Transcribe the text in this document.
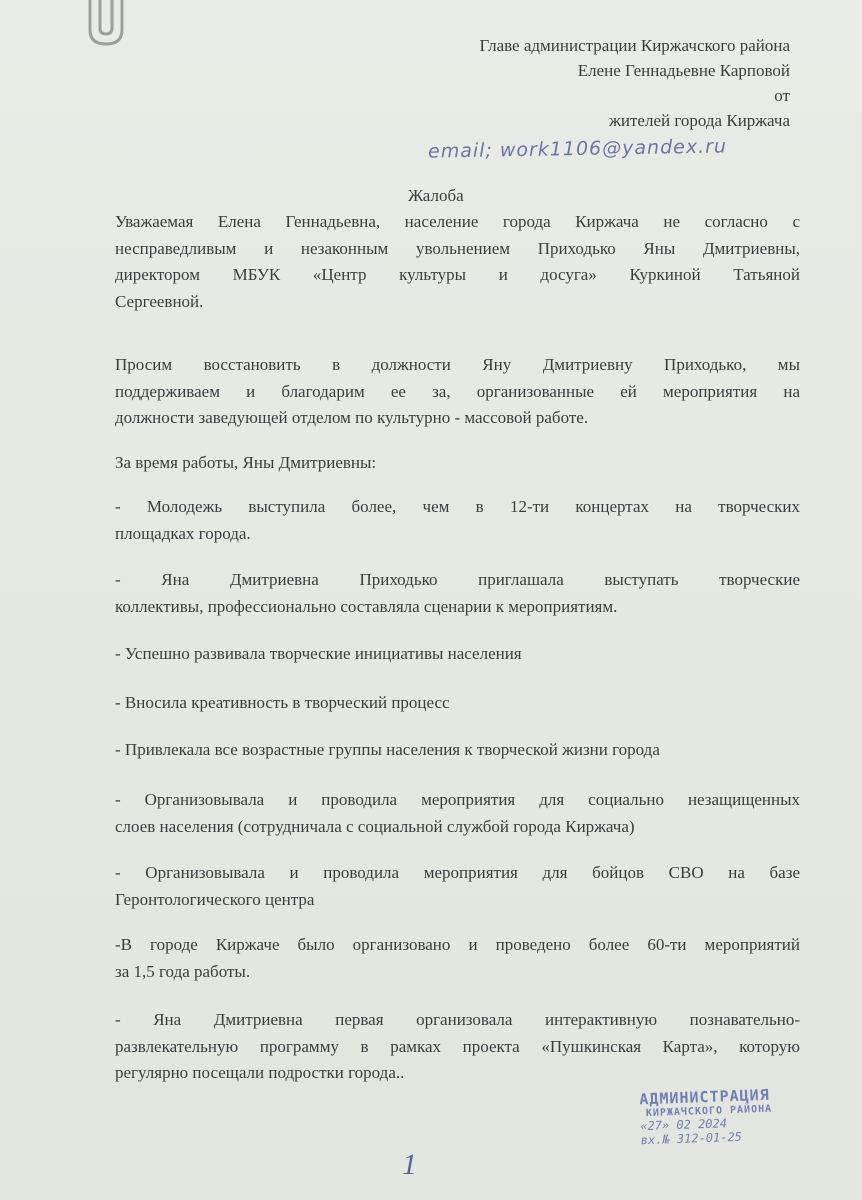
Главе администрации Киржачского района
Елене Геннадьевне Карповой
от
жителей города Киржача
email; work1106@yandex.ru
Жалоба
Уважаемая Елена Геннадьевна, население города Киржача не согласно с
несправедливым и незаконным увольнением Приходько Яны Дмитриевны,
директором МБУК «Центр культуры и досуга» Куркиной Татьяной
Сергеевной.
Просим восстановить в должности Яну Дмитриевну Приходько, мы
поддерживаем и благодарим ее за, организованные ей мероприятия на
должности заведующей отделом по культурно - массовой работе.
За время работы, Яны Дмитриевны:
- Молодежь выступила более, чем в 12-ти концертах на творческих
площадках города.
- Яна Дмитриевна Приходько приглашала выступать творческие
коллективы, профессионально составляла сценарии к мероприятиям.
- Успешно развивала творческие инициативы населения
- Вносила креативность в творческий процесс
- Привлекала все возрастные группы населения к творческой жизни города
- Организовывала и проводила мероприятия для социально незащищенных
слоев населения (сотрудничала с социальной службой города Киржача)
- Организовывала и проводила мероприятия для бойцов СВО на базе
Геронтологического центра
-В городе Киржаче было организовано и проведено более 60-ти мероприятий
за 1,5 года работы.
- Яна Дмитриевна первая организовала интерактивную познавательно-
развлекательную программу в рамках проекта «Пушкинская Карта», которую
регулярно посещали подростки города..
АДМИНИСТРАЦИЯ
КИРЖАЧСКОГО РАЙОНА
«27» 02 2024
вх.№ 312-01-25
1
